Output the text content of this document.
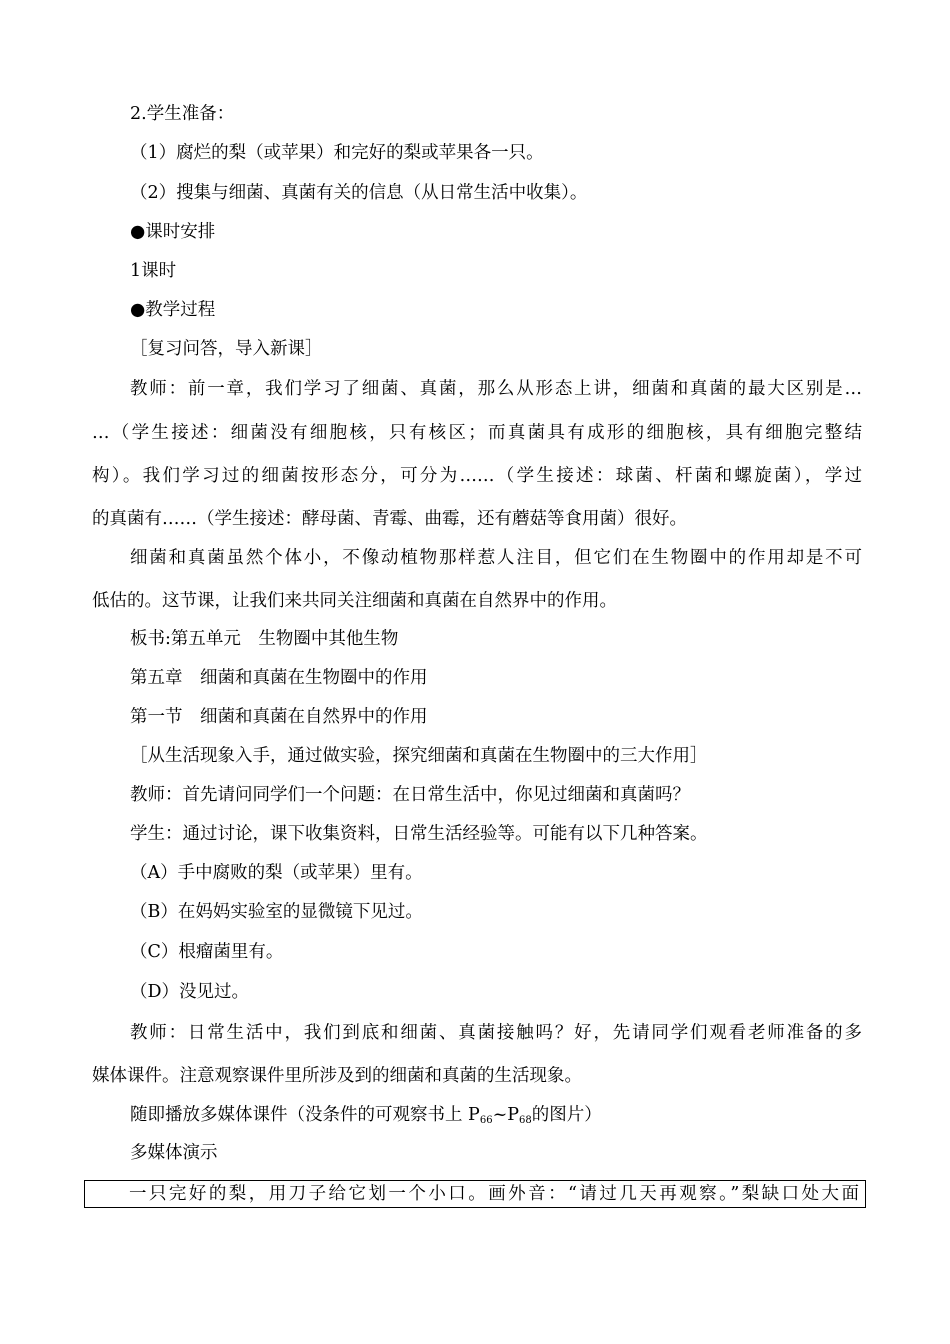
2.学生准备：
（1）腐烂的梨（或苹果）和完好的梨或苹果各一只。
（2）搜集与细菌、真菌有关的信息（从日常生活中收集）。
●课时安排
1课时
●教学过程
［复习问答，导入新课］
教师：前一章，我们学习了细菌、真菌，那么从形态上讲，细菌和真菌的最大区别是…
…（学生接述：细菌没有细胞核，只有核区；而真菌具有成形的细胞核，具有细胞完整结
构）。我们学习过的细菌按形态分，可分为……（学生接述：球菌、杆菌和螺旋菌），学过
的真菌有……（学生接述：酵母菌、青霉、曲霉，还有蘑菇等食用菌）很好。
细菌和真菌虽然个体小，不像动植物那样惹人注目，但它们在生物圈中的作用却是不可
低估的。这节课，让我们来共同关注细菌和真菌在自然界中的作用。
板书:第五单元　生物圈中其他生物
第五章　细菌和真菌在生物圈中的作用
第一节　细菌和真菌在自然界中的作用
［从生活现象入手，通过做实验，探究细菌和真菌在生物圈中的三大作用］
教师：首先请问同学们一个问题：在日常生活中，你见过细菌和真菌吗？
学生：通过讨论，课下收集资料，日常生活经验等。可能有以下几种答案。
（A）手中腐败的梨（或苹果）里有。
（B）在妈妈实验室的显微镜下见过。
（C）根瘤菌里有。
（D）没见过。
教师：日常生活中，我们到底和细菌、真菌接触吗？好，先请同学们观看老师准备的多
媒体课件。注意观察课件里所涉及到的细菌和真菌的生活现象。
随即播放多媒体课件（没条件的可观察书上 $P_{66}\sim P_{68}$的图片）
多媒体演示
一只完好的梨，用刀子给它划一个小口。画外音：“请过几天再观察。”梨缺口处大面
